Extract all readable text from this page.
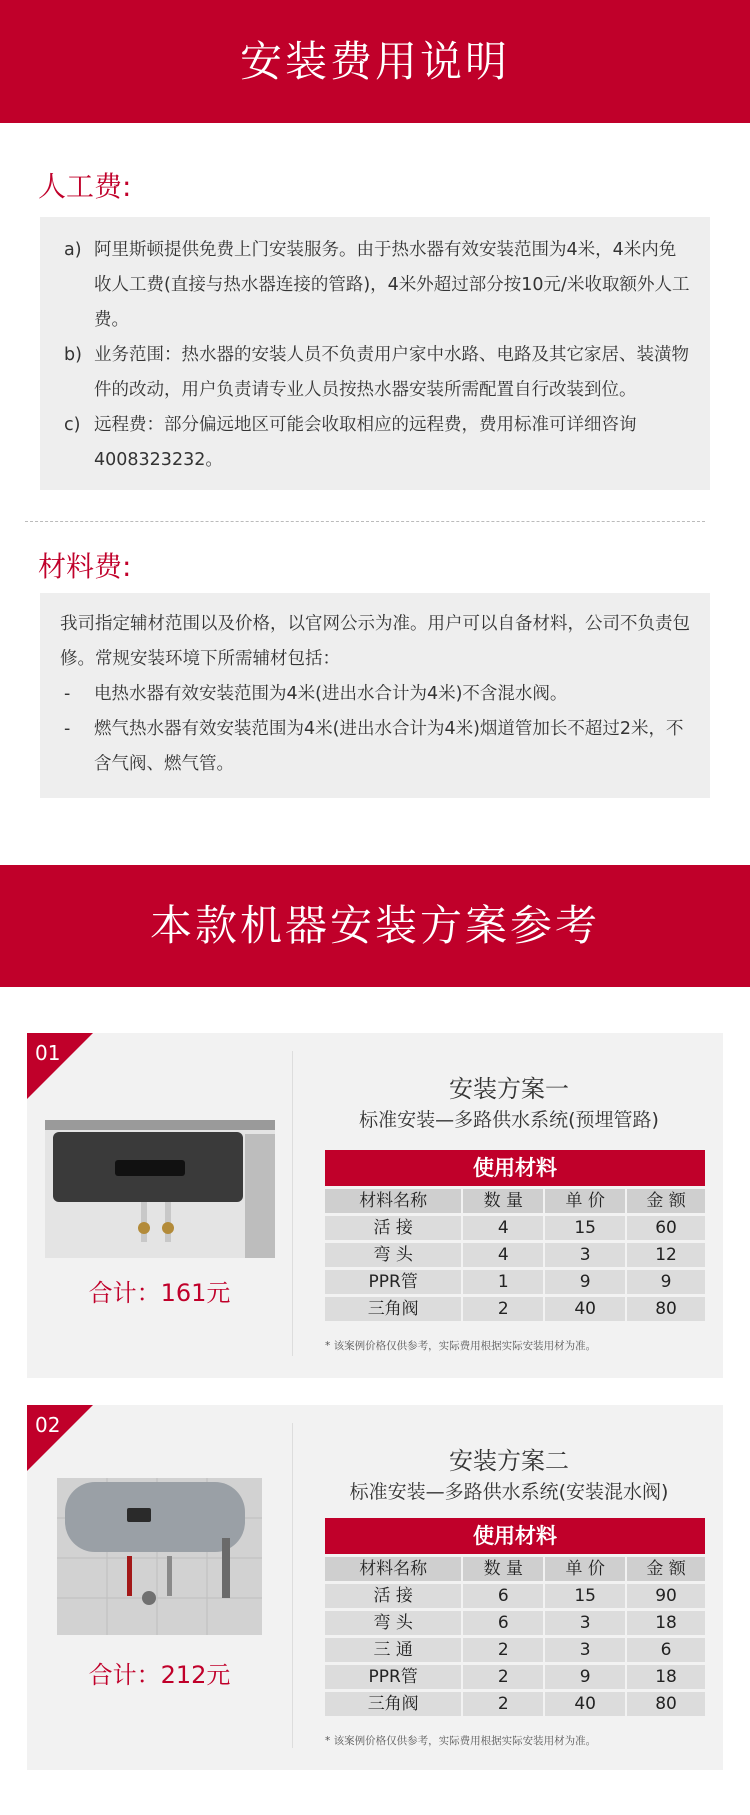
安装费用说明
人工费:
a) 阿里斯顿提供免费上门安装服务。由于热水器有效安装范围为4米，4米内免收人工费(直接与热水器连接的管路)，4米外超过部分按10元/米收取额外人工费。
b) 业务范围：热水器的安装人员不负责用户家中水路、电路及其它家居、装潢物件的改动，用户负责请专业人员按热水器安装所需配置自行改装到位。
c) 远程费：部分偏远地区可能会收取相应的远程费，费用标准可详细咨询4008323232。
材料费:
我司指定辅材范围以及价格，以官网公示为准。用户可以自备材料，公司不负责包修。常规安装环境下所需辅材包括：
-	电热水器有效安装范围为4米(进出水合计为4米)不含混水阀。
-	燃气热水器有效安装范围为4米(进出水合计为4米)烟道管加长不超过2米，不含气阀、燃气管。
本款机器安装方案参考
01
合计：161元
安装方案一
标准安装—多路供水系统(预埋管路)
使用材料			
材料名称	数 量	单 价	金 额
活 接	4	15	60
弯 头	4	3	12
PPR管	1	9	9
三角阀	2	40	80
* 该案例价格仅供参考，实际费用根据实际安装用材为准。
02
合计：212元
安装方案二
标准安装—多路供水系统(安装混水阀)
使用材料			
材料名称	数 量	单 价	金 额
活 接	6	15	90
弯 头	6	3	18
三 通	2	3	6
PPR管	2	9	18
三角阀	2	40	80
* 该案例价格仅供参考，实际费用根据实际安装用材为准。
